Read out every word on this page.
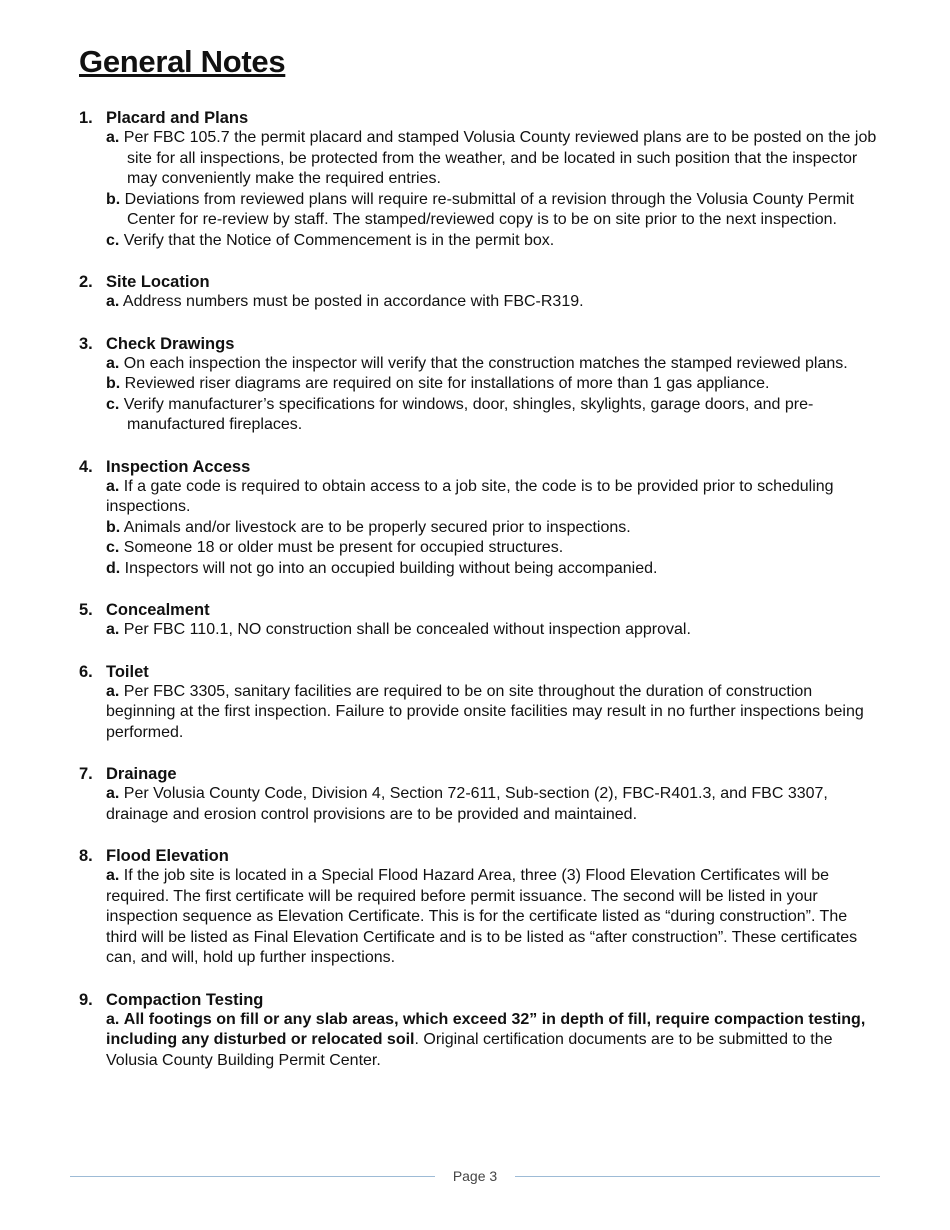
General Notes
1. Placard and Plans
a. Per FBC 105.7 the permit placard and stamped Volusia County reviewed plans are to be posted on the job site for all inspections, be protected from the weather, and be located in such position that the inspector may conveniently make the required entries.
b. Deviations from reviewed plans will require re-submittal of a revision through the Volusia County Permit Center for re-review by staff. The stamped/reviewed copy is to be on site prior to the next inspection.
c. Verify that the Notice of Commencement is in the permit box.
2. Site Location
a. Address numbers must be posted in accordance with FBC-R319.
3. Check Drawings
a. On each inspection the inspector will verify that the construction matches the stamped reviewed plans.
b. Reviewed riser diagrams are required on site for installations of more than 1 gas appliance.
c. Verify manufacturer’s specifications for windows, door, shingles, skylights, garage doors, and pre-manufactured fireplaces.
4. Inspection Access
a. If a gate code is required to obtain access to a job site, the code is to be provided prior to scheduling inspections.
b. Animals and/or livestock are to be properly secured prior to inspections.
c. Someone 18 or older must be present for occupied structures.
d. Inspectors will not go into an occupied building without being accompanied.
5. Concealment
a. Per FBC 110.1, NO construction shall be concealed without inspection approval.
6. Toilet
a. Per FBC 3305, sanitary facilities are required to be on site throughout the duration of construction beginning at the first inspection. Failure to provide onsite facilities may result in no further inspections being performed.
7. Drainage
a. Per Volusia County Code, Division 4, Section 72-611, Sub-section (2), FBC-R401.3, and FBC 3307, drainage and erosion control provisions are to be provided and maintained.
8. Flood Elevation
a. If the job site is located in a Special Flood Hazard Area, three (3) Flood Elevation Certificates will be required. The first certificate will be required before permit issuance. The second will be listed in your inspection sequence as Elevation Certificate. This is for the certificate listed as “during construction”. The third will be listed as Final Elevation Certificate and is to be listed as “after construction”. These certificates can, and will, hold up further inspections.
9. Compaction Testing
a. All footings on fill or any slab areas, which exceed 32” in depth of fill, require compaction testing, including any disturbed or relocated soil. Original certification documents are to be submitted to the Volusia County Building Permit Center.
Page 3
